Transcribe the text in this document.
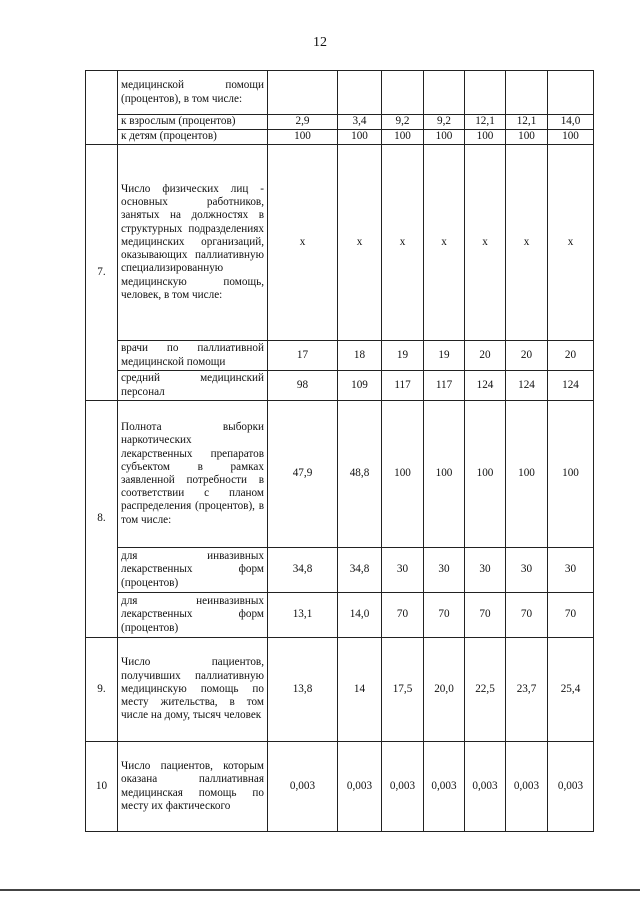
12
	медицинской помощи (процентов), в том числе:							
	к взрослым (процентов)	2,9	3,4	9,2	9,2	12,1	12,1	14,0
	к детям (процентов)	100	100	100	100	100	100	100
7.	Число физических лиц - основных работников, занятых на должностях в структурных подразделениях медицинских организаций, оказывающих паллиативную специализированную медицинскую помощь, человек, в том числе:	x	x	x	x	x	x	x
	врачи по паллиативной медицинской помощи	17	18	19	19	20	20	20
	средний медицинский персонал	98	109	117	117	124	124	124
8.	Полнота выборки наркотических лекарственных препаратов субъектом в рамках заявленной потребности в соответствии с планом распределения (процентов), в том числе:	47,9	48,8	100	100	100	100	100
	для инвазивных лекарственных форм (процентов)	34,8	34,8	30	30	30	30	30
	для неинвазивных лекарственных форм (процентов)	13,1	14,0	70	70	70	70	70
9.	Число пациентов, получивших паллиативную медицинскую помощь по месту жительства, в том числе на дому, тысяч человек	13,8	14	17,5	20,0	22,5	23,7	25,4
10	Число пациентов, которым оказана паллиативная медицинская помощь по месту их фактического	0,003	0,003	0,003	0,003	0,003	0,003	0,003
